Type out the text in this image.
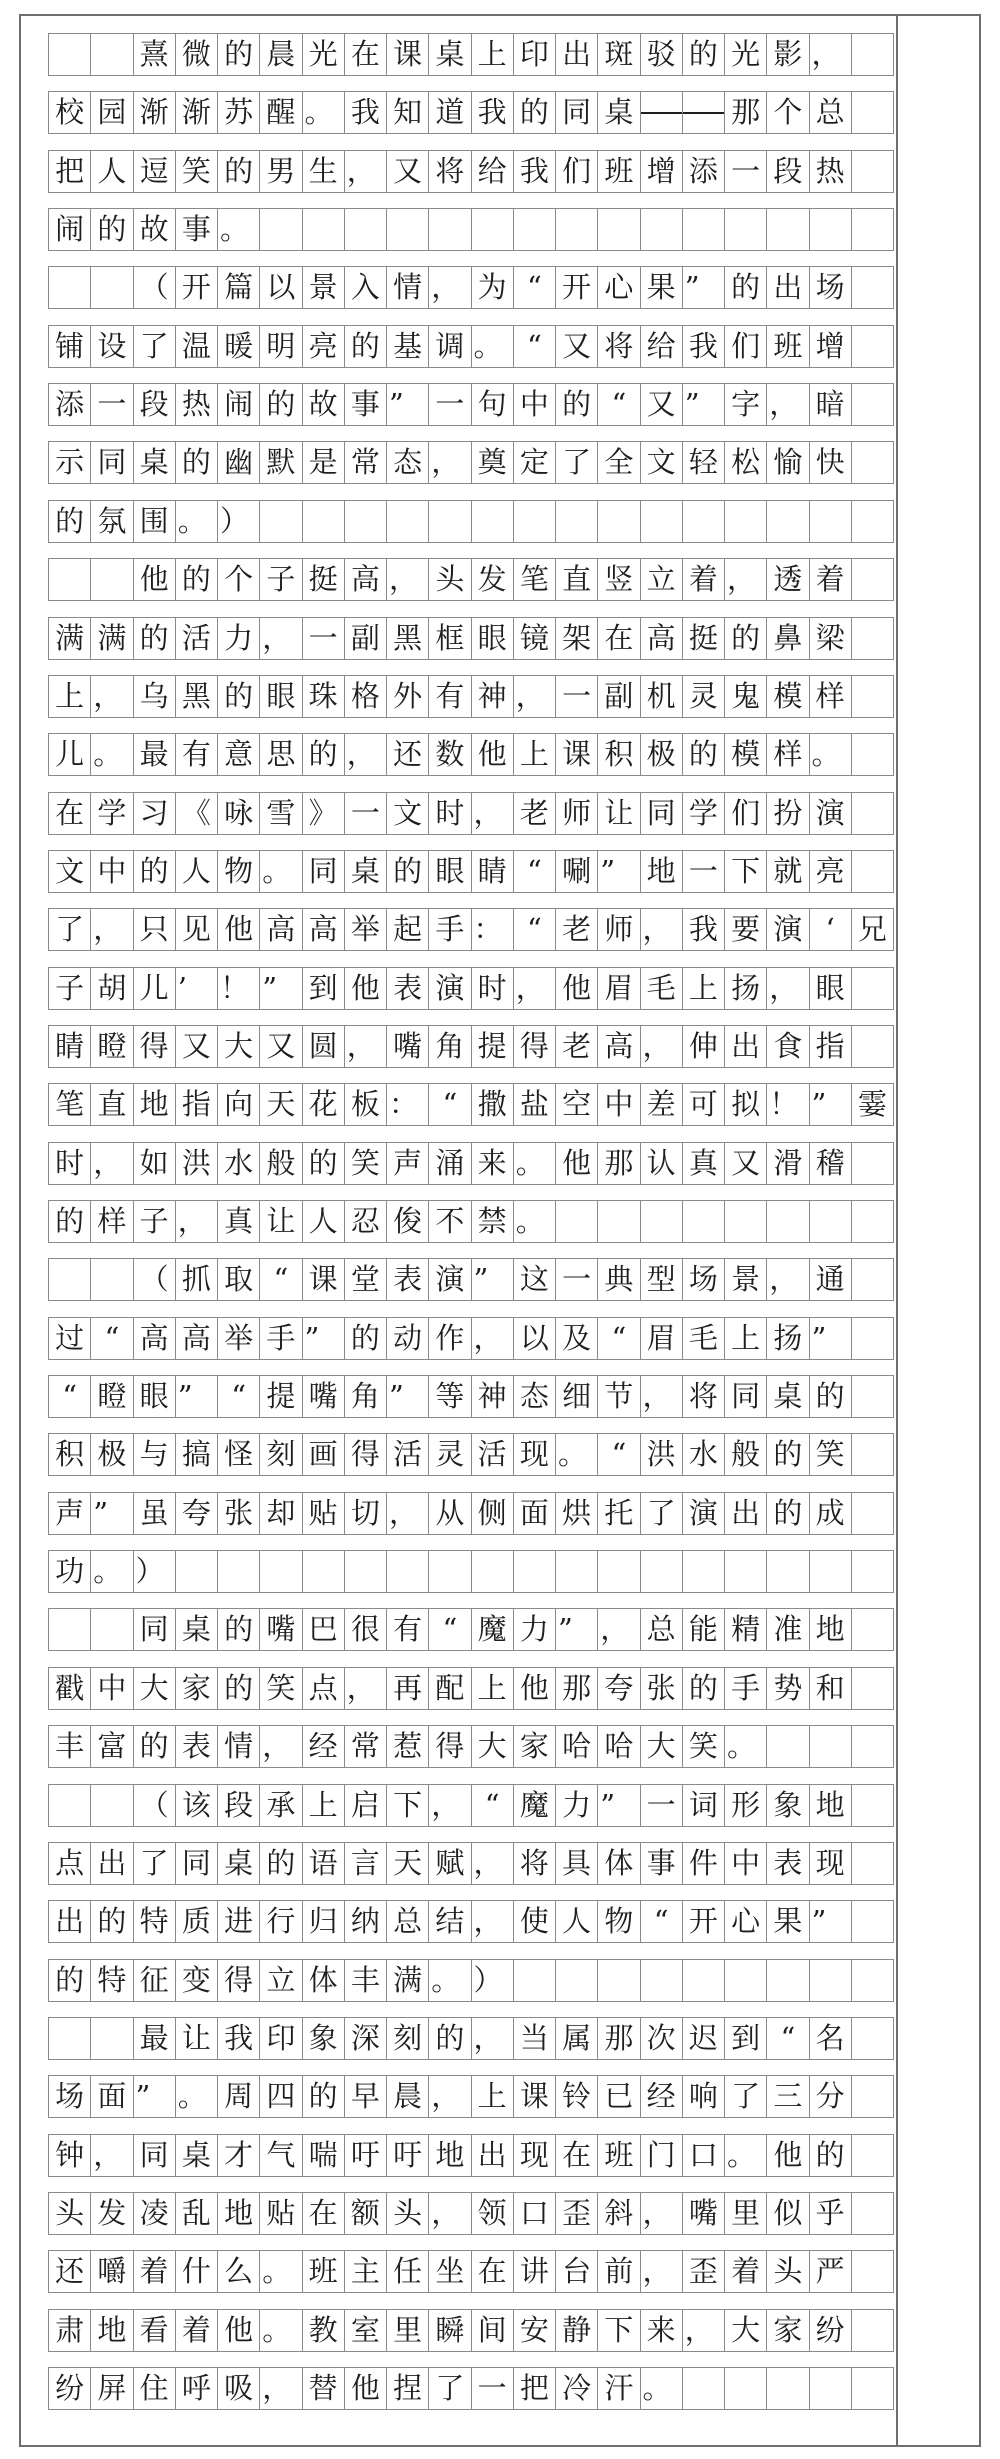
熹 微 的 晨 光 在 课 桌 上 印 出 斑 驳 的 光 影 ，
校 园 渐 渐 苏 醒 。 我 知 道 我 的 同 桌	那 个 总
把 人 逗 笑 的 男 生 ， 又 将 给 我 们 班 增 添 一 段 热
闹 的 故 事 。
（ 开 篇 以 景 入 情 ， 为 “ 开 心 果 ”	的 出 场
铺 设 了 温 暖 明 亮 的 基 调 。 “ 又 将 给 我 们 班 增
添 一 段 热 闹 的 故 事 ”	一 句 中 的 “ 又 ”	字 ， 暗
示 同 桌 的 幽 默 是 常 态 ， 奠 定 了 全 文 轻 松 愉 快
的 氛 围 。 ）
他 的 个 子 挺 高 ， 头 发 笔 直 竖 立 着 ， 透 着
满 满 的 活 力 ， 一 副 黑 框 眼 镜 架 在 高 挺 的 鼻 梁
上 ， 乌 黑 的 眼 珠 格 外 有 神 ， 一 副 机 灵 鬼 模 样
儿 。 最 有 意 思 的 ， 还 数 他 上 课 积 极 的 模 样 。
在 学 习 《 咏 雪 》 一 文 时 ， 老 师 让 同 学 们 扮 演
文 中 的 人 物 。 同 桌 的 眼 睛 “ 唰 ”	地 一 下 就 亮
了 ， 只 见 他 高 高 举 起 手 ： “ 老 师 ， 我 要 演 ‘ 兄
子 胡 儿 ’	！ ”	到 他 表 演 时 ， 他 眉 毛 上 扬 ， 眼
睛 瞪 得 又 大 又 圆 ， 嘴 角 提 得 老 高 ， 伸 出 食 指
笔 直 地 指 向 天 花 板 ： “ 撒 盐 空 中 差 可 拟 ！ ”	霎
时 ， 如 洪 水 般 的 笑 声 涌 来 。 他 那 认 真 又 滑 稽
的 样 子 ， 真 让 人 忍 俊 不 禁 。
（ 抓 取 “ 课 堂 表 演 ”	这 一 典 型 场 景 ， 通
过 “ 高 高 举 手 ”	的 动 作 ， 以 及 “ 眉 毛 上 扬 ”
“ 瞪 眼 ”	“ 提 嘴 角 ”	等 神 态 细 节 ， 将 同 桌 的
积 极 与 搞 怪 刻 画 得 活 灵 活 现 。 “ 洪 水 般 的 笑
声 ”	虽 夸 张 却 贴 切 ， 从 侧 面 烘 托 了 演 出 的 成
功 。 ）
同 桌 的 嘴 巴 很 有 “ 魔 力 ” ， 总 能 精 准 地
戳 中 大 家 的 笑 点 ， 再 配 上 他 那 夸 张 的 手 势 和
丰 富 的 表 情 ， 经 常 惹 得 大 家 哈 哈 大 笑 。
（ 该 段 承 上 启 下 ， “ 魔 力 ”	一 词 形 象 地
点 出 了 同 桌 的 语 言 天 赋 ， 将 具 体 事 件 中 表 现
出 的 特 质 进 行 归 纳 总 结 ， 使 人 物 “ 开 心 果 ”
的 特 征 变 得 立 体 丰 满 。 ）
最 让 我 印 象 深 刻 的 ， 当 属 那 次 迟 到 “ 名
场 面 ” 。 周 四 的 早 晨 ， 上 课 铃 已 经 响 了 三 分
钟 ， 同 桌 才 气 喘 吁 吁 地 出 现 在 班 门 口 。 他 的
头 发 凌 乱 地 贴 在 额 头 ， 领 口 歪 斜 ， 嘴 里 似 乎
还 嚼 着 什 么 。 班 主 任 坐 在 讲 台 前 ， 歪 着 头 严
肃 地 看 着 他 。 教 室 里 瞬 间 安 静 下 来 ， 大 家 纷
纷 屏 住 呼 吸 ， 替 他 捏 了 一 把 冷 汗 。
